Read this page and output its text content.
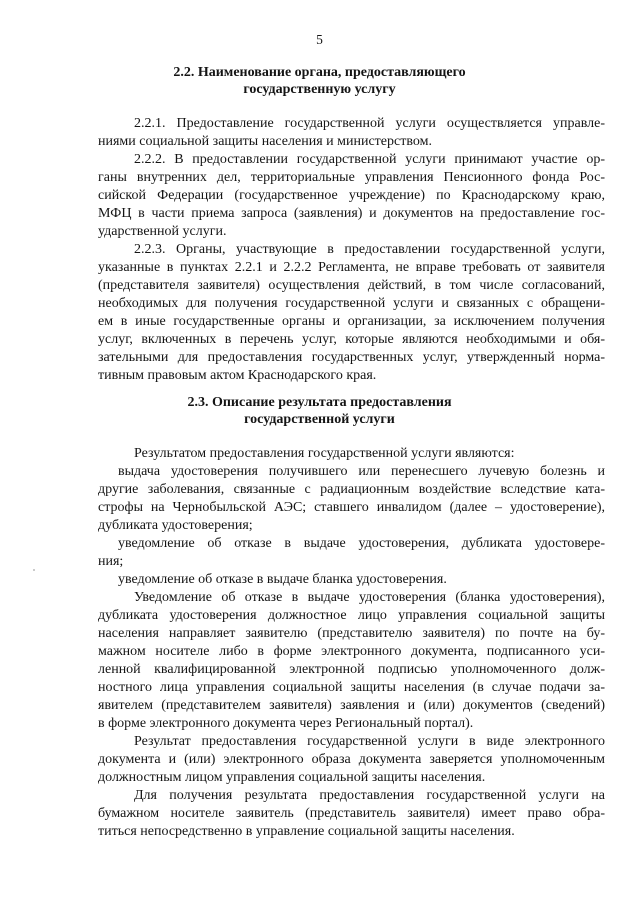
5
2.2. Наименование органа, предоставляющего
государственную услугу
2.2.1. Предоставление государственной услуги осуществляется управле-
ниями социальной защиты населения и министерством.
2.2.2. В предоставлении государственной услуги принимают участие ор-
ганы внутренних дел, территориальные управления Пенсионного фонда Рос-
сийской Федерации (государственное учреждение) по Краснодарскому краю,
МФЦ в части приема запроса (заявления) и документов на предоставление гос-
ударственной услуги.
2.2.3. Органы, участвующие в предоставлении государственной услуги,
указанные в пунктах 2.2.1 и 2.2.2 Регламента, не вправе требовать от заявителя
(представителя заявителя) осуществления действий, в том числе согласований,
необходимых для получения государственной услуги и связанных с обращени-
ем в иные государственные органы и организации, за исключением получения
услуг, включенных в перечень услуг, которые являются необходимыми и обя-
зательными для предоставления государственных услуг, утвержденный норма-
тивным правовым актом Краснодарского края.
2.3. Описание результата предоставления
государственной услуги
Результатом предоставления государственной услуги являются:
выдача удостоверения получившего или перенесшего лучевую болезнь и
другие заболевания, связанные с радиационным воздействие вследствие ката-
строфы на Чернобыльской АЭС; ставшего инвалидом (далее – удостоверение),
дубликата удостоверения;
уведомление об отказе в выдаче удостоверения, дубликата удостовере-
ния;
уведомление об отказе в выдаче бланка удостоверения.
Уведомление об отказе в выдаче удостоверения (бланка удостоверения),
дубликата удостоверения должностное лицо управления социальной защиты
населения направляет заявителю (представителю заявителя) по почте на бу-
мажном носителе либо в форме электронного документа, подписанного уси-
ленной квалифицированной электронной подписью уполномоченного долж-
ностного лица управления социальной защиты населения (в случае подачи за-
явителем (представителем заявителя) заявления и (или) документов (сведений)
в форме электронного документа через Региональный портал).
Результат предоставления государственной услуги в виде электронного
документа и (или) электронного образа документа заверяется уполномоченным
должностным лицом управления социальной защиты населения.
Для получения результата предоставления государственной услуги на
бумажном носителе заявитель (представитель заявителя) имеет право обра-
титься непосредственно в управление социальной защиты населения.
